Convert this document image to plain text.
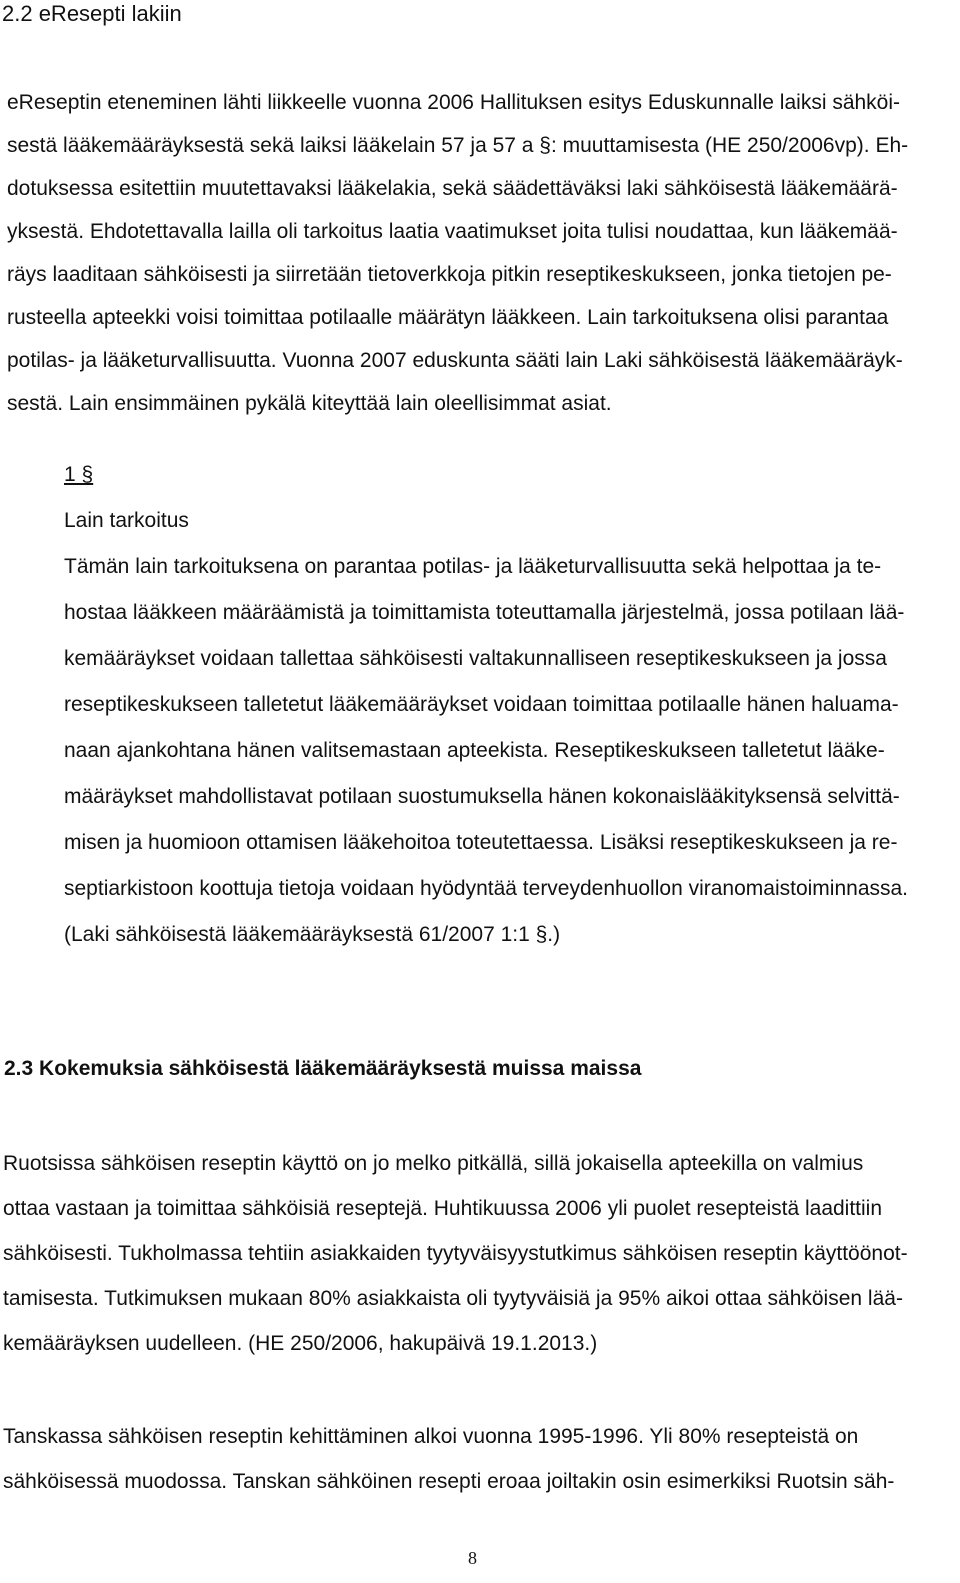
2.2 eResepti lakiin
eReseptin eteneminen lähti liikkeelle vuonna 2006 Hallituksen esitys Eduskunnalle laiksi sähköi-
sestä lääkemääräyksestä sekä laiksi lääkelain 57 ja 57 a §: muuttamisesta (HE 250/2006vp). Eh-
dotuksessa esitettiin muutettavaksi lääkelakia, sekä säädettäväksi laki sähköisestä lääkemäärä-
yksestä. Ehdotettavalla lailla oli tarkoitus laatia vaatimukset joita tulisi noudattaa, kun lääkemää-
räys laaditaan sähköisesti ja siirretään tietoverkkoja pitkin reseptikeskukseen, jonka tietojen pe-
rusteella apteekki voisi toimittaa potilaalle määrätyn lääkkeen. Lain tarkoituksena olisi parantaa
potilas- ja lääketurvallisuutta. Vuonna 2007 eduskunta sääti lain Laki sähköisestä lääkemääräyk-
sestä. Lain ensimmäinen pykälä kiteyttää lain oleellisimmat asiat.
1 §
Lain tarkoitus
Tämän lain tarkoituksena on parantaa potilas- ja lääketurvallisuutta sekä helpottaa ja te-
hostaa lääkkeen määräämistä ja toimittamista toteuttamalla järjestelmä, jossa potilaan lää-
kemääräykset voidaan tallettaa sähköisesti valtakunnalliseen reseptikeskukseen ja jossa
reseptikeskukseen talletetut lääkemääräykset voidaan toimittaa potilaalle hänen haluama-
naan ajankohtana hänen valitsemastaan apteekista. Reseptikeskukseen talletetut lääke-
määräykset mahdollistavat potilaan suostumuksella hänen kokonaislääkityksensä selvittä-
misen ja huomioon ottamisen lääkehoitoa toteutettaessa. Lisäksi reseptikeskukseen ja re-
septiarkistoon koottuja tietoja voidaan hyödyntää terveydenhuollon viranomaistoiminnassa.
(Laki sähköisestä lääkemääräyksestä 61/2007 1:1 §.)
2.3 Kokemuksia sähköisestä lääkemääräyksestä muissa maissa
Ruotsissa sähköisen reseptin käyttö on jo melko pitkällä, sillä jokaisella apteekilla on valmius
ottaa vastaan ja toimittaa sähköisiä reseptejä. Huhtikuussa 2006 yli puolet resepteistä laadittiin
sähköisesti. Tukholmassa tehtiin asiakkaiden tyytyväisyystutkimus sähköisen reseptin käyttöönot-
tamisesta. Tutkimuksen mukaan 80% asiakkaista oli tyytyväisiä ja 95% aikoi ottaa sähköisen lää-
kemääräyksen uudelleen. (HE 250/2006, hakupäivä 19.1.2013.)
Tanskassa sähköisen reseptin kehittäminen alkoi vuonna 1995-1996. Yli 80% resepteistä on
sähköisessä muodossa. Tanskan sähköinen resepti eroaa joiltakin osin esimerkiksi Ruotsin säh-
8
